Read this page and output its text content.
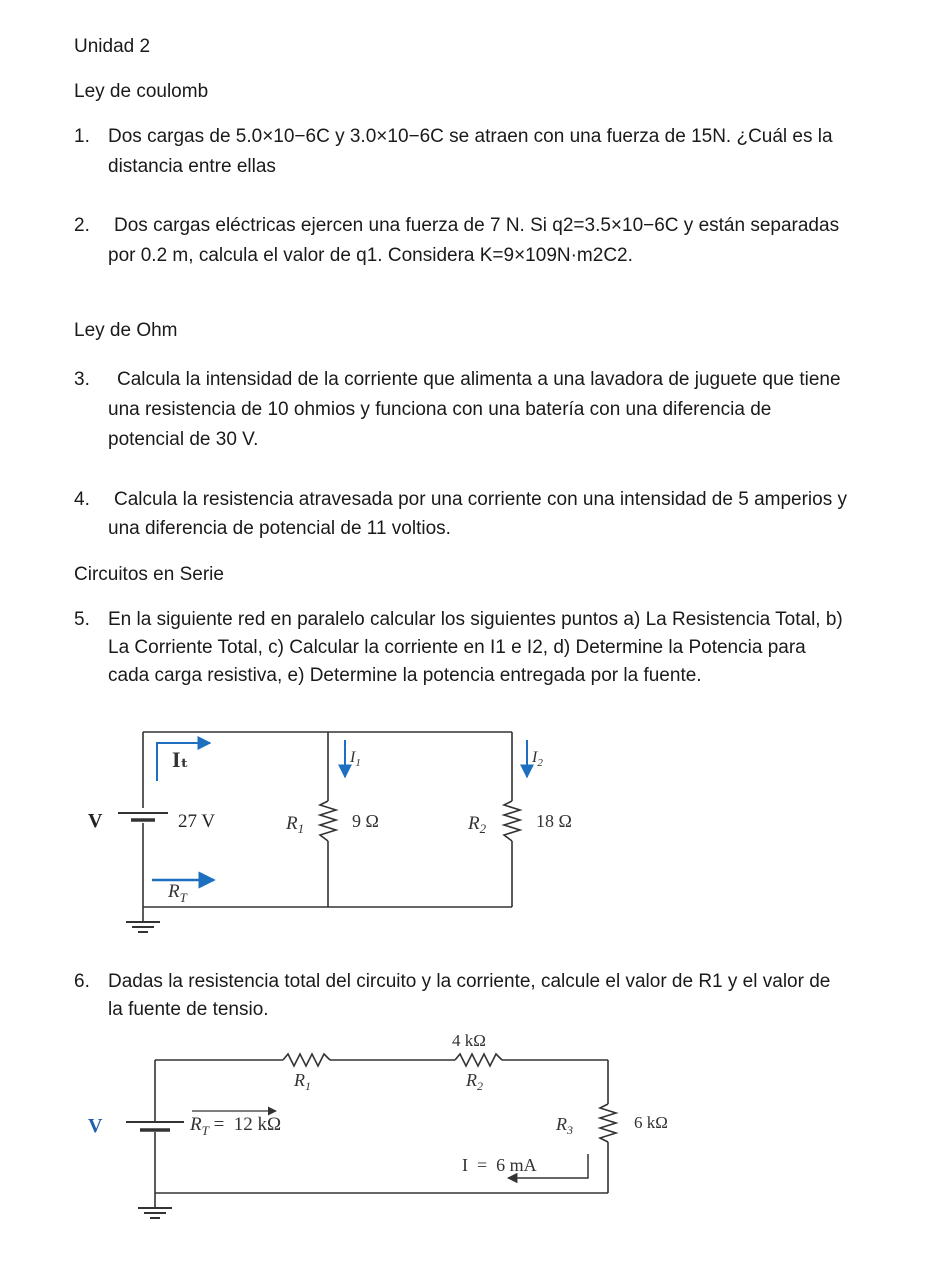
Unidad 2
Ley de coulomb
1. Dos cargas de 5.0×10−6C y 3.0×10−6C se atraen con una fuerza de 15N. ¿Cuál es la
distancia entre ellas
2. Dos cargas eléctricas ejercen una fuerza de 7 N. Si q2=3.5×10−6C y están separadas
por 0.2 m, calcula el valor de q1. Considera K=9×109N·m2C2.
Ley de Ohm
3. Calcula la intensidad de la corriente que alimenta a una lavadora de juguete que tiene
una resistencia de 10 ohmios y funciona con una batería con una diferencia de
potencial de 30 V.
4. Calcula la resistencia atravesada por una corriente con una intensidad de 5 amperios y
una diferencia de potencial de 11 voltios.
Circuitos en Serie
5. En la siguiente red en paralelo calcular los siguientes puntos a) La Resistencia Total, b)
La Corriente Total, c) Calcular la corriente en I1 e I2, d) Determine la Potencia para
cada carga resistiva, e) Determine la potencia entregada por la fuente.
V	27 V
Iₜ
$R_T$
$I_1$	$I_2$
$R_1$	9 Ω	$R_2$	18 Ω
6. Dadas la resistencia total del circuito y la corriente, calcule el valor de R1 y el valor de
la fuente de tensio.
V
$R_1$
4 kΩ
$R_2$
$R_T = 12$ kΩ	$R_3$	6 kΩ
I  =  6 mA
